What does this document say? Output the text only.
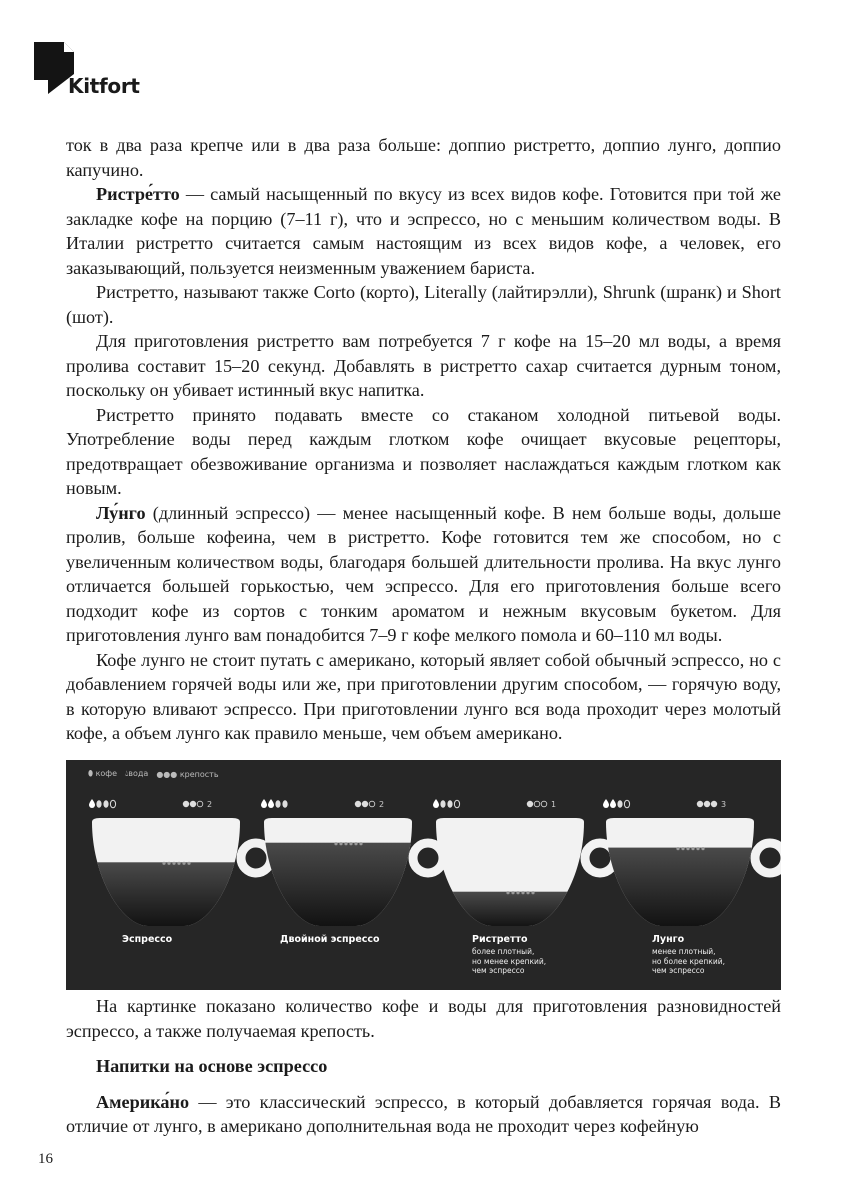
Kitfort

ток в два раза крепче или в два раза больше: доппио ристретто, доппио лунго, доппио капучино.

Ристре́тто — самый насыщенный по вкусу из всех видов кофе. Готовится при той же закладке кофе на порцию (7–11 г), что и эспрессо, но с меньшим количеством воды. В Италии ристретто считается самым настоящим из всех видов кофе, а человек, его заказывающий, пользуется неизменным уважением бариста.

Ристретто, называют также Corto (корто), Literally (лайтирэлли), Shrunk (шранк) и Short (шот).

Для приготовления ристретто вам потребуется 7 г кофе на 15–20 мл воды, а время пролива составит 15–20 секунд. Добавлять в ристретто сахар считается дурным тоном, поскольку он убивает истинный вкус напитка.

Ристретто принято подавать вместе со стаканом холодной питьевой воды. Употребление воды перед каждым глотком кофе очищает вкусовые рецепторы, предотвращает обезвоживание организма и позволяет наслаждаться каждым глотком как новым.

Лу́нго (длинный эспрессо) — менее насыщенный кофе. В нем больше воды, дольше пролив, больше кофеина, чем в ристретто. Кофе готовится тем же способом, но с увеличенным количеством воды, благодаря большей длительности пролива. На вкус лунго отличается большей горькостью, чем эспрессо. Для его приготовления больше всего подходит кофе из сортов с тонким ароматом и нежным вкусовым букетом. Для приготовления лунго вам понадобится 7–9 г кофе мелкого помола и 60–110 мл воды.

Кофе лунго не стоит путать с американо, который являет собой обычный эспрессо, но с добавлением горячей воды или же, при приготовлении другим способом, — горячую воду, в которую вливают эспрессо. При приготовлении лунго вся вода проходит через молотый кофе, а объем лунго как правило меньше, чем объем американо.

⬮ кофе 💧︎вода ●●● крепость
2	2	1	3
Эспрессо	Двойной эспрессо	Ристретто
более плотный,
но менее крепкий,
чем эспрессо
Лунго
менее плотный,
но более крепкий,
чем эспрессо

На картинке показано количество кофе и воды для приготовления разновидностей эспрессо, а также получаемая крепость.

Напитки на основе эспрессо

Америка́но — это классический эспрессо, в который добавляется горячая вода. В отличие от лунго, в американо дополнительная вода не проходит через кофейную

16
